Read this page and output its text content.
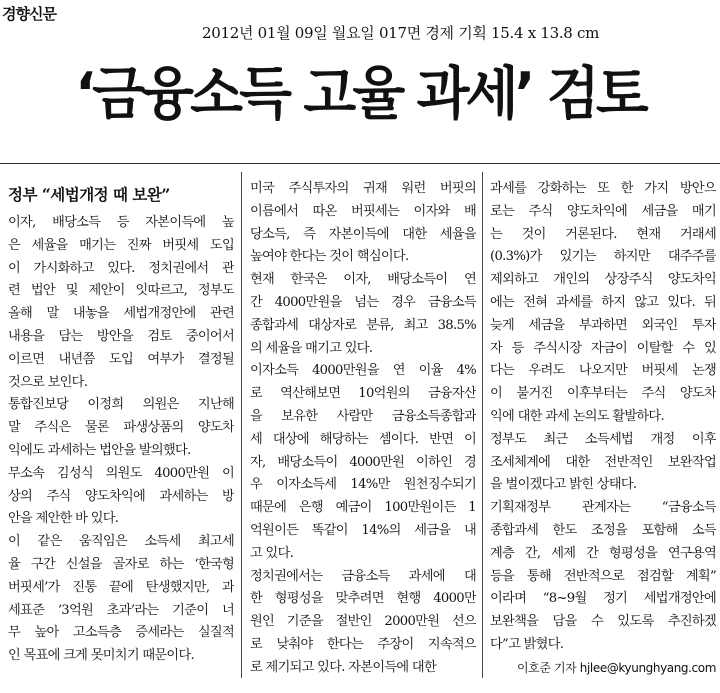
경향신문
2012년 01월 09일 월요일 017면 경제 기획 15.4 x 13.8 cm
‘금융소득 고율 과세’ 검토

정부 “세법개정 때 보완”

이자, 배당소득 등 자본이득에 높

은 세율을 매기는 진짜 버핏세 도입

이 가시화하고 있다. 정치권에서 관

련 법안 및 제안이 잇따르고, 정부도

올해 말 내놓을 세법개정안에 관련

내용을 담는 방안을 검토 중이어서

이르면 내년쯤 도입 여부가 결정될

것으로 보인다.

통합진보당 이정희 의원은 지난해

말 주식은 물론 파생상품의 양도차

익에도 과세하는 법안을 발의했다.

무소속 김성식 의원도 4000만원 이

상의 주식 양도차익에 과세하는 방

안을 제안한 바 있다.

이 같은 움직임은 소득세 최고세

율 구간 신설을 골자로 하는 ‘한국형

버핏세’가 진통 끝에 탄생했지만, 과

세표준 ‘3억원 초과’라는 기준이 너

무 높아 고소득층 증세라는 실질적

인 목표에 크게 못미치기 때문이다.

미국 주식투자의 귀재 워런 버핏의

이름에서 따온 버핏세는 이자와 배

당소득, 즉 자본이득에 대한 세율을

높여야 한다는 것이 핵심이다.

현재 한국은 이자, 배당소득이 연

간 4000만원을 넘는 경우 금융소득

종합과세 대상자로 분류, 최고 38.5%

의 세율을 매기고 있다.

이자소득 4000만원을 연 이율 4%

로 역산해보면 10억원의 금융자산

을 보유한 사람만 금융소득종합과

세 대상에 해당하는 셈이다. 반면 이

자, 배당소득이 4000만원 이하인 경

우 이자소득세 14%만 원천징수되기

때문에 은행 예금이 100만원이든 1

억원이든 똑같이 14%의 세금을 내

고 있다.

정치권에서는 금융소득 과세에 대

한 형평성을 맞추려면 현행 4000만

원인 기준을 절반인 2000만원 선으

로 낮춰야 한다는 주장이 지속적으

로 제기되고 있다. 자본이득에 대한

과세를 강화하는 또 한 가지 방안으

로는 주식 양도차익에 세금을 매기

는 것이 거론된다. 현재 거래세

(0.3%)가 있기는 하지만 대주주를

제외하고 개인의 상장주식 양도차익

에는 전혀 과세를 하지 않고 있다. 뒤

늦게 세금을 부과하면 외국인 투자

자 등 주식시장 자금이 이탈할 수 있

다는 우려도 나오지만 버핏세 논쟁

이 불거진 이후부터는 주식 양도차

익에 대한 과세 논의도 활발하다.

정부도 최근 소득세법 개정 이후

조세체계에 대한 전반적인 보완작업

을 벌이겠다고 밝힌 상태다.

기획재정부 관계자는 “금융소득

종합과세 한도 조정을 포함해 소득

계층 간, 세제 간 형평성을 연구용역

등을 통해 전반적으로 점검할 계획”

이라며 “8~9월 정기 세법개정안에

보완책을 담을 수 있도록 추진하겠

다”고 밝혔다.

이호준 기자 hjlee@kyunghyang.com
